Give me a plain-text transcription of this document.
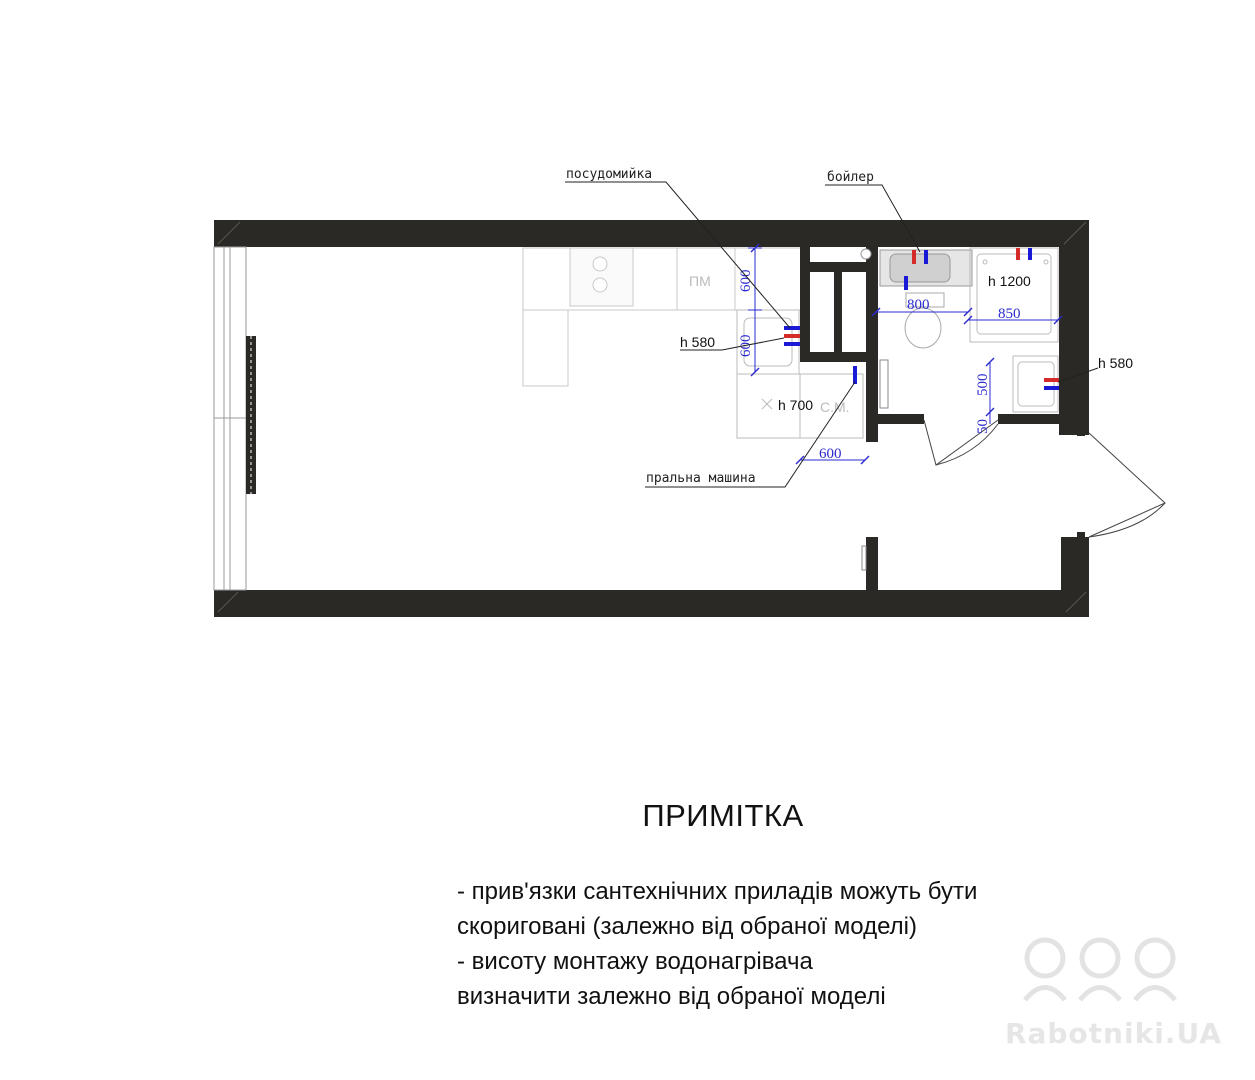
ПМ
С.М.
600
600
800
850
600
500
50
посудомийка	бойлер
пральна машина
h 580
h 700
h 1200
h 580
ПРИМІТКА
- прив'язки сантехнічних приладів можуть бути
скориговані (залежно від обраної моделі)
- висоту монтажу водонагрівача
визначити залежно від обраної моделі
Rabotniki.UA
